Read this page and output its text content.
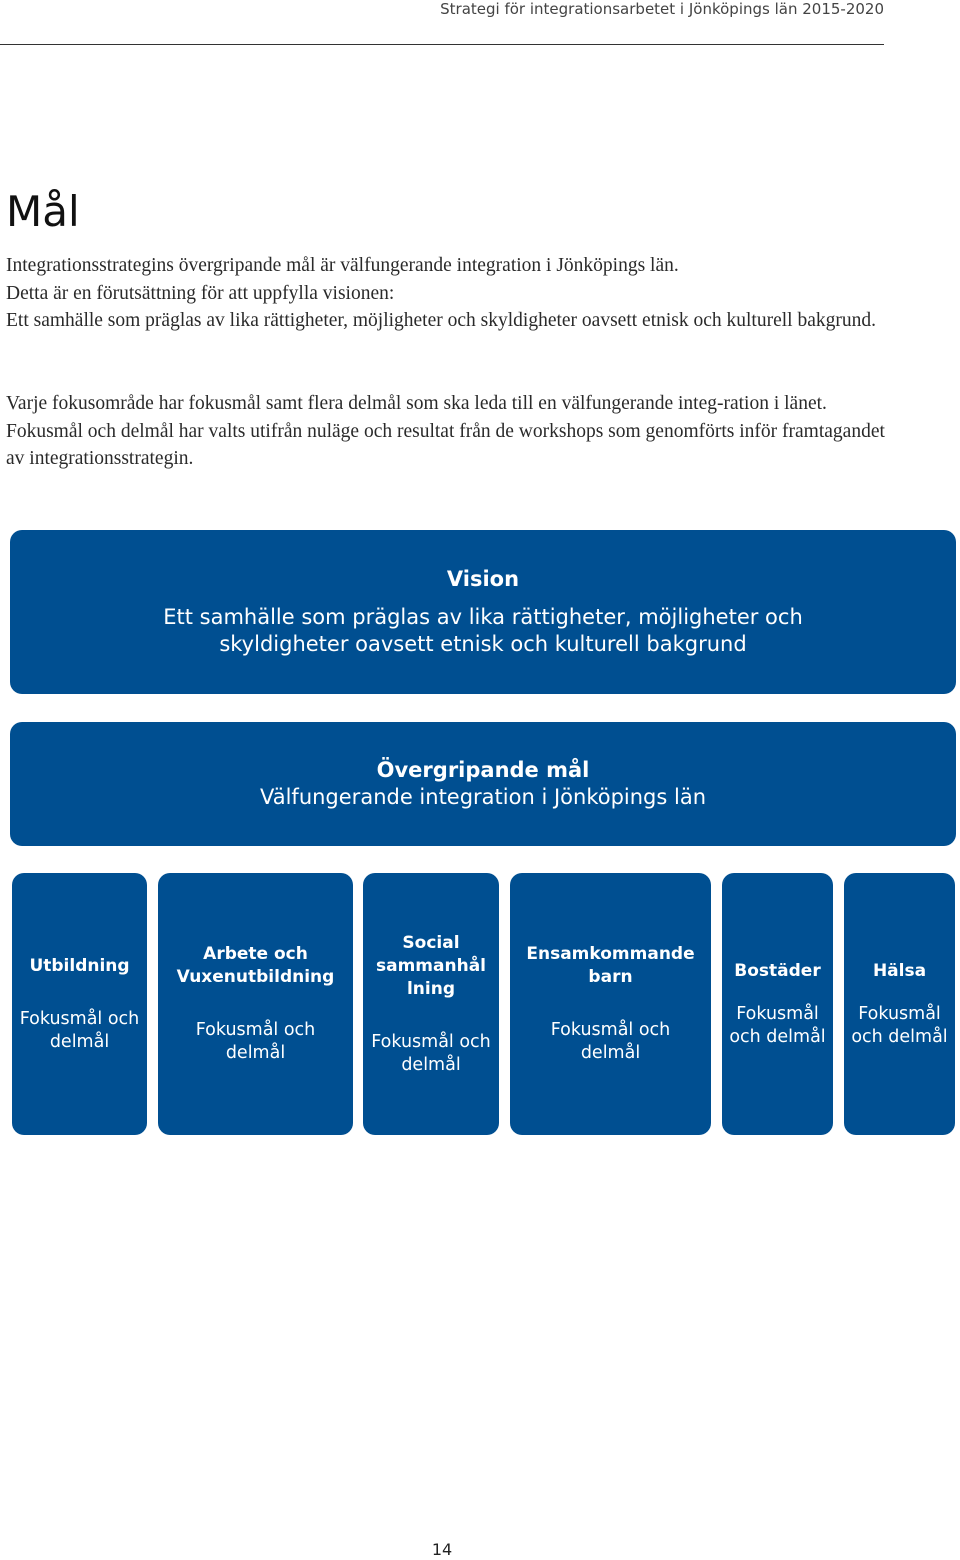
Strategi för integrationsarbetet i Jönköpings län 2015-2020
Mål

Integrationsstrategins övergripande mål är välfungerande integration i Jönköpings län.

Detta är en förutsättning för att uppfylla visionen:

Ett samhälle som präglas av lika rättigheter, möjligheter och skyldigheter oavsett etnisk och kulturell bakgrund.

Varje fokusområde har fokusmål samt flera delmål som ska leda till en välfungerande integ-ration i länet. Fokusmål och delmål har valts utifrån nuläge och resultat från de workshops som genomförts inför framtagandet av integrationsstrategin.

Vision
Ett samhälle som präglas av lika rättigheter, möjligheter och skyldigheter oavsett etnisk och kulturell bakgrund
Övergripande mål
Välfungerande integration i Jönköpings län
Utbildning
Fokusmål och delmål
Arbete och Vuxenutbildning
Fokusmål och delmål
Social sammanhål lning
Fokusmål och delmål
Ensamkommande barn
Fokusmål och delmål
Bostäder
Fokusmål och delmål
Hälsa
Fokusmål och delmål
14
